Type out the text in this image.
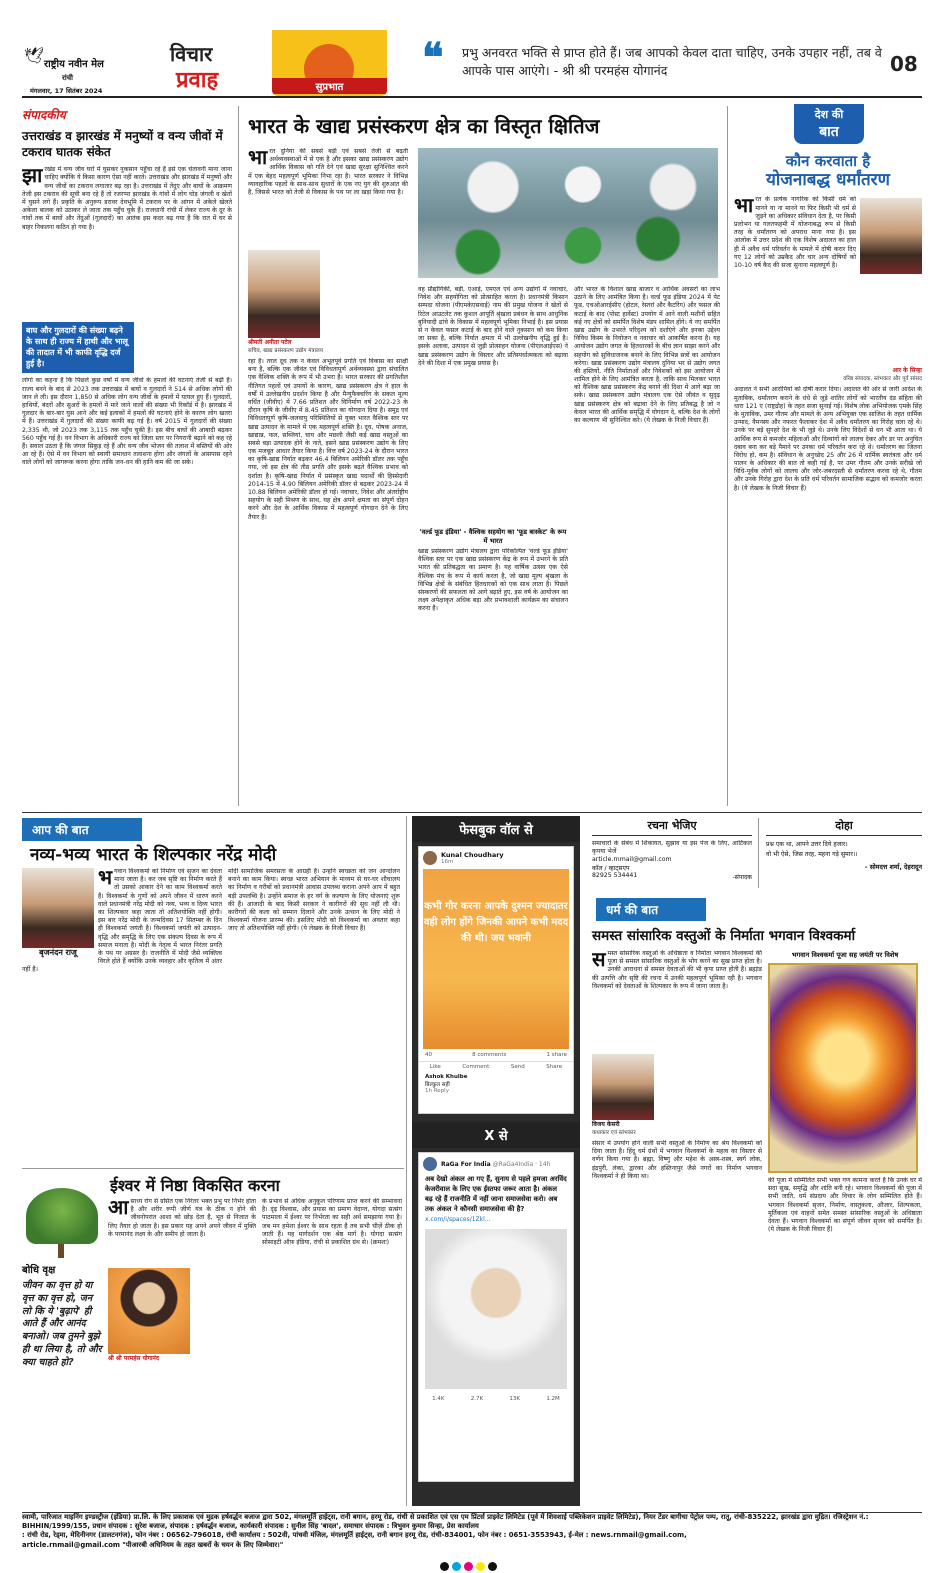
🕊 राष्ट्रीय नवीन मेल
रांची
मंगलवार, 17 सितंबर 2024
विचार
प्रवाह	सुप्रभात
❝ प्रभु अनवरत भक्ति से प्राप्त होते हैं। जब आपको केवल दाता चाहिए, उनके उपहार नहीं, तब वे आपके पास आएंगे। - श्री श्री परमहंस योगानंद	08
संपादकीय
उत्तराखंड व झारखंड में मनुष्यों व वन्य जीवों में टकराव घातक संकेत
झा रखंड में वन्य जीव घरों में घुसकर नुकसान पहुँचा रहे हैं इसे एक चेतावनी माना जाना चाहिए क्योंकि ये किसा कारण ऐसा नहीं करते। उत्तराखंड और झारखंड में मनुष्यों और वन्य जीवों का टकराव लगातार बढ़ रहा है। उत्तराखंड में तेंदुए और बाघों के आक्रमण तेजी इस टकराव की सूची बना रहे हैं तो रजरप्पा झारखंड के गांवों में लोग घोड़ जंगली व खेतों में घुसने लगे हैं। प्रकृति के अनुरूप डरावर देवभूमि में टकराव पर के आंगन में अकेले खेलते अकेला बालक को उठाकर ले जाता तक पहुँच चुके हैं। राजधानी रांची में लेकर राज्य के दूर के गांवों तक में बाघों और तेंदुओं (गुलदारों) का आतंक इस कदर बढ़ गया है कि रात में घर से बाहर निकलना कठिन हो गया है।
बाघ और गुलदारों की संख्या बढ़ने के साथ ही राज्य में हाथी और भालू की तादात में भी काफी वृद्धि दर्ज हुई है।
लोगों का कहना है कि पिछले कुछ वर्षों में वन्य जीवों के हमलों की घटनाएं तेजी से बढ़ी हैं। राज्य बनने के बाद से 2023 तक उत्तराखंड में बाघों व गुलदारों ने 514 से अधिक लोगों की जान ले ली। इस दौरान 1,850 से अधिक लोग वन्य जीवों के हमलों में घायल हुए हैं। गुलदारों, हाथियों, बंदरों और सुअरों के हमलों में मारे जाने वालों की संख्या भी रिकॉर्ड में है। झारखंड में गुलदार के बार-बार घुस आने और कई इलाकों में हमलों की घटनाएं होने के कारण लोग खतरा में हैं। उत्तराखंड में गुलदारों की संख्या काफी बढ़ गई है। वर्ष 2015 में गुलदारों की संख्या 2,335 थी, जो 2023 तक 3,115 तक पहुँच चुकी है। इस बीच बाघों की आबादी बढ़कर 560 पहुँच गई है। वन विभाग के अधिकारी राज्य को जिला स्तर पर निगरानी बढ़ाने को कह रहे हैं। सवाल उठता है कि जंगल सिकुड़ रहे हैं और वन्य जीव भोजन की तलाश में बस्तियों की ओर आ रहे हैं। ऐसे में वन विभाग को स्थायी समाधान तलाशना होगा और जंगलों के आसपास रहने वाले लोगों को जागरूक करना होगा ताकि जन-धन की हानि कम की जा सके।
भारत के खाद्य प्रसंस्करण क्षेत्र का विस्तृत क्षितिज
भा रत दुनिया की सबसे बड़ी एवं सबसे तेजी से बढ़ती अर्थव्यवस्थाओं में से एक है और इसका खाद्य प्रसंस्करण उद्योग आर्थिक विकास को गति देने एवं खाद्य सुरक्षा सुनिश्चित करने में एक बेहद महत्वपूर्ण भूमिका निभा रहा है। भारत सरकार ने विभिन्न व्यावहारिक पहलों के साथ-साथ सुधारों के एक नए युग की शुरुआत की है, जिससे भारत को तेजी से विकास के पथ पर ला खड़ा किया गया है।
श्रीमती अनीता पटेल
सचिव, खाद्य प्रसंस्करण उद्योग मंत्रालय
रहा है। तरल दूध तक न केवल अभूतपूर्व प्रगति एवं विकास का साक्षी बना है, बल्कि एक जीवंत एवं विविधतापूर्ण अर्थव्यवस्था द्वारा संचालित एक वैश्विक शक्ति के रूप में भी उभरा है। भारत सरकार की प्रगतिशील नीतिगत पहलों एवं उपायों के कारण, खाद्य प्रसंस्करण क्षेत्र ने हाल के वर्षों में उल्लेखनीय प्रदर्शन किया है और मैन्युफैक्चरिंग के सकल मूल्य वर्धित (जीवीए) में 7.66 प्रतिशत और विनिर्माण वर्ष 2022-23 के दौरान कृषि के जीवीए में 8.45 प्रतिशत का योगदान दिया है। समुद्र एवं विविधतापूर्ण कृषि-जलवायु परिस्थितियों से युक्त भारत वैश्विक स्तर पर खाद्य उत्पादन के मामले में एक महत्वपूर्ण शक्ति है। दूध, पोषक अनाज, खाद्यान्न, फल, सब्जियां, चाय और मछली जैसी कई खाद्य वस्तुओं का सबसे बड़ा उत्पादक होने के नाते, इसने खाद्य प्रसंस्करण उद्योग के लिए एक मजबूत आधार तैयार किया है। वित्त वर्ष 2023-24 के दौरान भारत का कृषि-खाद्य निर्यात बढ़कर 46.4 बिलियन अमेरिकी डॉलर तक पहुँच गया, जो इस क्षेत्र की तीव्र प्रगति और इसके बढ़ते वैश्विक प्रभाव को दर्शाता है। कृषि-खाद्य निर्यात में प्रसंस्कृत खाद्य पदार्थों की हिस्सेदारी 2014-15 में 4.90 बिलियन अमेरिकी डॉलर से बढ़कर 2023-24 में 10.88 बिलियन अमेरिकी डॉलर हो गई। नवाचार, निवेश और अंतर्राष्ट्रीय सहयोग के सही मिश्रण के साथ, यह क्षेत्र अपने क्षमता का संपूर्ण दोहन करने और देश के आर्थिक विकास में महत्वपूर्ण योगदान देने के लिए तैयार है।
वह प्रौद्योगिकी, बड़ी, एआई, एमएल एवं अन्य उद्योगों में नवाचार, निवेश और सहयोगिता को प्रोत्साहित करता है। प्रधानमंत्री किसान सम्पदा योजना (पीएमकेएसवाई) नाम की प्रमुख योजना ने खेतों से रिटेल आउटलेट तक कुशल आपूर्ति श्रृंखला प्रबंधन के साथ आधुनिक बुनियादी ढांचे के विकास में महत्वपूर्ण भूमिका निभाई है। इस प्रयास से न केवल फसल कटाई के बाद होने वाले नुकसान को कम किया जा सका है, बल्कि निर्यात क्षमता में भी उल्लेखनीय वृद्धि हुई है। इसके अलावा, उत्पादन से जुड़ी प्रोत्साहन योजना (पीएलआईएस) ने खाद्य प्रसंस्करण उद्योग के विस्तार और प्रतिस्पर्धात्मकता को बढ़ावा देने की दिशा में एक प्रमुख प्रयास है।
'वर्ल्ड फूड इंडिया' - वैश्विक सहयोग का 'फूड बास्केट' के रूप में भारत
खाद्य प्रसंस्करण उद्योग मंत्रालय द्वारा परिकल्पित 'वर्ल्ड फूड इंडिया' वैश्विक स्तर पर एक खाद्य प्रसंस्करण केंद्र के रूप में उभरने के प्रति भारत की प्रतिबद्धता का प्रमाण है। यह वार्षिक उत्सव एक ऐसे वैश्विक मंच के रूप में कार्य करता है, जो खाद्य मूल्य श्रृंखला के विभिन्न क्षेत्रों के संबंधित हितधारकों को एक साथ लाता है। पिछले संस्करणों की सफलता को आगे बढ़ाते हुए, इस वर्ष के आयोजन का लक्ष्य अपेक्षाकृत अधिक बड़ा और प्रभावशाली कार्यक्रम का संचालन करना है।
और भारत के विशाल खाद्य बाजार व आर्थिक अवसरों का लाभ उठाने के लिए आमंत्रित किया है। वर्ल्ड फूड इंडिया 2024 में पेट फूड, एचओआरईसीए (होटल, रेस्तरां और कैटरिंग) और फसल की कटाई के बाद (पोस्ट हार्वेस्ट) उपयोग में आने वाली मशीनों सहित कई नए क्षेत्रों को समर्पित विशेष मंडप शामिल होंगे। ये नए समर्पित खाद्य उद्योग के उभरते परिदृश्य को दर्शाएंगे और इनका उद्देश्य विविध किस्म के नियोजन व नवाचार को आकर्षित करना है। यह आयोजन उद्योग जगत के हितधारकों के बीच ज्ञान साझा करने और सहयोग को सुविधाजनक बनाने के लिए विभिन्न सत्रों का आयोजन करेगा। खाद्य प्रसंस्करण उद्योग मंत्रालय दुनिया भर से उद्योग जगत की हस्तियों, नीति निर्माताओं और निवेशकों को इस आयोजन में शामिल होने के लिए आमंत्रित करता है, ताकि साथ मिलकर भारत को वैश्विक खाद्य प्रसंस्करण केंद्र बनाने की दिशा में आगे बढ़ा जा सके। खाद्य प्रसंस्करण उद्योग मंत्रालय एक ऐसे जीवंत व सुदृढ़ खाद्य प्रसंस्करण क्षेत्र को बढ़ावा देने के लिए प्रतिबद्ध है जो न केवल भारत की आर्थिक समृद्धि में योगदान दे, बल्कि देश के लोगों का कल्याण भी सुनिश्चित करे। (ये लेखक के निजी विचार हैं)
देश की
बात
कौन करवाता है
योजनाबद्ध धर्मांतरण
भा रत के प्रत्येक नागरिक को किसी धर्म को मानने या ना मानने या फिर किसी भी धर्म से जुड़ने का अधिकार संविधान देता है, पर किसी प्रलोभन या गलतफहमी में योजनाबद्ध रूप से किसी तरह के धर्मांतरण को अपराध माना गया है। इस आलोक में उत्तर प्रदेश की एक विशेष अदालत का हाल ही में अवैध धर्म परिवर्तन के मामले में दोषी करार दिए गए 12 लोगों को उम्रकैद और चार अन्य दोषियों को 10-10 वर्ष कैद की सजा सुनाना महत्वपूर्ण है।
आर के सिन्हा
वरिष्ठ संपादक, स्तंभकार और पूर्व सांसद
अदालत ने सभी आरोपियों को दोषी करार दिया। अदालत की ओर से जारी आदेश के मुताबिक, धर्मांतरण कराने के धंधे से जुड़े शातिर लोगों को भारतीय दंड संहिता की धारा 121 ए (राष्ट्रद्रोह) के तहत सजा सुनाई गई। विशेष लोक अभियोजक एमके सिंह के मुताबिक, उमर गौतम और मामले के अन्य अभियुक्त एक साजिश के तहत धार्मिक उन्माद, वैमनस्य और नफरत फैलाकर देश में अवैध धर्मांतरण का गिरोह चला रहे थे। उनके पर बड़े सुनहरे देश के भी जुड़े थे। उनके लिए विदेशों से धन भी आता था। ये आर्थिक रूप से कमजोर महिलाओं और दिव्यांगों को लालच देकर और डर पर अनुचित दबाव बना कर बड़े पैमाने पर उनका धर्म परिवर्तन करा रहे थे। धर्मांतरण का जितना विरोध हो, कम है। संविधान के अनुच्छेद 25 और 26 में धार्मिक स्वतंत्रता और धर्म पालन के अधिकार की बात तो कही गई है, पर उमर गौतम और उनके सरीखे जो विधि-पूर्वक लोगों को लालच और जोर-जबरदस्ती से धर्मांतरण करवा रहे थे, गौतम और उनके गिरोह द्वारा देश के प्रति धर्म परिवर्तन सामाजिक सद्भाव को कमजोर करता है। (ये लेखक के निजी विचार हैं)
आप की बात
नव्य-भव्य भारत के शिल्पकार नरेंद्र मोदी
बृजनंदन राजू
भ गवान विश्वकर्मा को निर्माण एवं सृजन का देवता माना जाता है। कर जब सृष्टि का निर्माण करते हैं तो उसको आकार देने का काम विश्वकर्मा करते हैं। विश्वकर्मा के गुणों को अपने जीवन में धारण करने वाले प्रधानमंत्री नरेंद्र मोदी को नव्य, भव्य व दिव्य भारत का शिल्पकार कहा जाता तो अतिशयोक्ति नहीं होगी। इस बार नरेंद्र मोदी के जन्मदिवस 17 सितम्बर के दिन ही विश्वकर्मा जयंती है। विश्वकर्मा जयंती को उत्पादन-वृद्धि और समृद्धि के लिए एक संकल्प दिवस के रूप में समाज मनाता है। मोदी के नेतृत्व में भारत निरंतर प्रगति के पथ पर अग्रसर है। राजनीति में मोदी जैसे व्यक्तित्व विरले होते हैं क्योंकि उनके व्यवहार और कृतित्व में अंतर नहीं है।
मोदी सामाजिक समरसता के आग्रही हैं। उन्होंने स्वच्छता को जन आन्दोलन बनाने का काम किया। स्वच्छ भारत अभियान के माध्यम से घर-घर शौचालय का निर्माण व गरीबों को प्रधानमंत्री आवास उपलब्ध कराना अपने आप में बहुत बड़ी उपलब्धि है। उन्होंने समाज के हर वर्ग के कल्याण के लिए योजनाएं शुरू की हैं। आजादी के बाद किसी सरकार ने कारीगरों की सुध नहीं ली थी। कारीगरों की कला को सम्मान दिलाने और उनके उत्थान के लिए मोदी ने विश्वकर्मा योजना प्रारम्भ की। इसलिए मोदी को विश्वकर्मा का अवतार कहा जाए तो अतिशयोक्ति नहीं होगी। (ये लेखक के निजी विचार हैं)
ईश्वर में निष्ठा विकसित करना
बोधि वृक्ष
जीवन का वृत्त हो या वृत्त का वृत्त हो, जन लो कि ये 'बुढ़ापे' ही आते हैं और आनंद बनाओ। जब तुमने बुझे ही था लिया है, तो और क्या चाहते हो?
आ साध्य रोग से ग्रसित एक निरंतर भक्त प्रभु पर निर्भर होता है और शरीर रूपी जीर्ण यंत्र के ठीक न होने की जीवनोपरांत आशा को छोड़ देता है, भूत से निजात के लिए तैयार हो जाता है। इस प्रकार यह अपने अपने जीवन में मुक्ति के परमानंद लक्ष्य के और समीप हो जाता है।
श्री श्री परमहंस योगानंद
के प्रभाव से अधिक अनुकूल परिणाम प्राप्त करने की सम्भावना है। दृढ़ विश्वास, और प्रयास का प्रमाण वेदान्त, योगदा सत्संग पाठमाला में ईश्वर पर निर्भरता का सही अर्थ समझाया गया है। जब मन हमेशा ईश्वर के साथ रहता है तब सभी चीज़ें ठीक हो जाती हैं। यह मार्गदर्शन एक श्रेष्ठ मार्ग है। योगदा सत्संग सोसाइटी ऑफ़ इंडिया, रांची से प्रकाशित ग्रंथ से। (क्रमशः)
फेसबुक वॉल से
Kunal Choudhary
16m
कभी गौर करना आपके दुश्मन ज्यादातर वही लोग होंगे जिनकी आपने कभी मदद की थी। जय भवानी
40	8 comments	1 share
Like	Comment	Send	Share
Ashok Khulbe
बिल्कुल सही
1h Reply
X से
RaGa For India @RaGa4India · 14h
अब देखो अंकल आ गए हैं, सुनाय से पहले हमजा अरविंद केजरीवाल के लिए एक ईस्तफा जरूर आता है। अंकल बढ़ रहे हैं राजनीति में नहीं जाना समाजसेवा करो। अब तक अंकल ने कौनसी समाजसेवा की है?
x.com/i/spaces/1Zkl...
1.4K	2.7K	13K	1.2M
रचना भेजिए
समाचारों के संबंध में शिकायत, सुझाव या इस पेज के लिए, आर्टिकल कृपया भेजें
article.rnmail@gmail.com
कॉल / व्हाट्सएप
82925 534441	-संपादक
दोहा
प्रश्न एक था, आपने उत्तर दिये हजार।
वो भी ऐसे, जिस तरह, महना गड़े सुमार।।
- सोमदत्त शर्मा, देहरादून
धर्म की बात
समस्त सांसारिक वस्तुओं के निर्माता भगवान विश्वकर्मा
स मस्त सांसारिक वस्तुओं के अधिष्ठाता व निर्माता भगवान विश्वकर्मा की पूजा से समस्त सांसारिक वस्तुओं के भोग करने का सुख प्राप्त होता है। उनकी आराधना से समस्त देवताओं की भी कृपा प्राप्त होती है। ब्रह्मांड की उत्पत्ति और सृष्टि की रचना में उनकी महत्वपूर्ण भूमिका रही है। भगवान विश्वकर्मा को देवताओं के शिल्पकार के रूप में जाना जाता है।
विजय केसरी
कथाकार एवं स्तंभकार
संसार में उपयोग होने वाली सभी वस्तुओं के निर्माण का श्रेय विश्वकर्मा को दिया जाता है। हिंदू धर्म ग्रंथों में भगवान विश्वकर्मा के महत्व का विस्तार से वर्णन किया गया है। ब्रह्मा, विष्णु और महेश के अस्त्र-शस्त्र, स्वर्ग लोक, इंद्रपुरी, लंका, द्वारका और हस्तिनापुर जैसे नगरों का निर्माण भगवान विश्वकर्मा ने ही किया था।
भगवान विश्वकर्मा पूजा सह जयंती पर विशेष
की पूजा में सम्मिलित सभी भक्त गण कामना करते हैं कि उनके घर में सदा सुख, समृद्धि और शांति बनी रहे। भगवान विश्वकर्मा की पूजा में सभी जाति, धर्म संप्रदाय और विचार के लोग सम्मिलित होते हैं। भगवान विश्वकर्मा सृजन, निर्माण, वास्तुकला, औजार, शिल्पकला, मूर्तिकला एवं वाहनों समेत समस्त सांसारिक वस्तुओं के अधिष्ठाता देवता हैं। भगवान विश्वकर्मा का संपूर्ण जीवन सृजन को समर्पित है। (ये लेखक के निजी विचार हैं)
स्वामी, पारिजात माइनिंग इण्डस्ट्रीज (इंडिया) प्रा.लि. के लिए प्रकाशक एवं मुद्रक हर्षवर्द्धन बजाज द्वारा 502, मंगलमूर्ति हाईट्स, रानी बगान, हरमू रोड, रांची से प्रकाशित एवं एस एम प्रिंटर्स प्राइवेट लिमिटेड (पूर्व में शिवशाई पब्लिकेशन प्राइवेट लिमिटेड), नियर टेंडर बागीचा पेट्रोल पम्प, रातू, रांची-835222, झारखंड द्वारा मुद्रित। रजिस्ट्रेशन नं.: BIHHIN/1999/155, प्रधान संपादक : सुरेश बजाज, संपादक : हर्षवर्द्धन बजाज, कार्यकारी संपादक : सुनील सिंह 'बादल', समाचार संपादक : त्रिभुवन कुमार सिन्हा, प्रेस कार्यालय
: रांची रोड, रेड्मा, मेदिनीनगर (डालटनगंज), फोन नंबर : 06562-796018, रांची कार्यालय : 502वी, पांचवी मंजिल, मंगलमूर्ति हाईट्स, रानी बगान हरमू रोड, रांची-834001, फोन नंबर : 0651-3553943, ई-मेल : news.rnmail@gmail.com,
article.rnmail@gmail.com "पीआरबी अधिनियम के तहत खबरों के चयन के लिए जिम्मेवार।"
